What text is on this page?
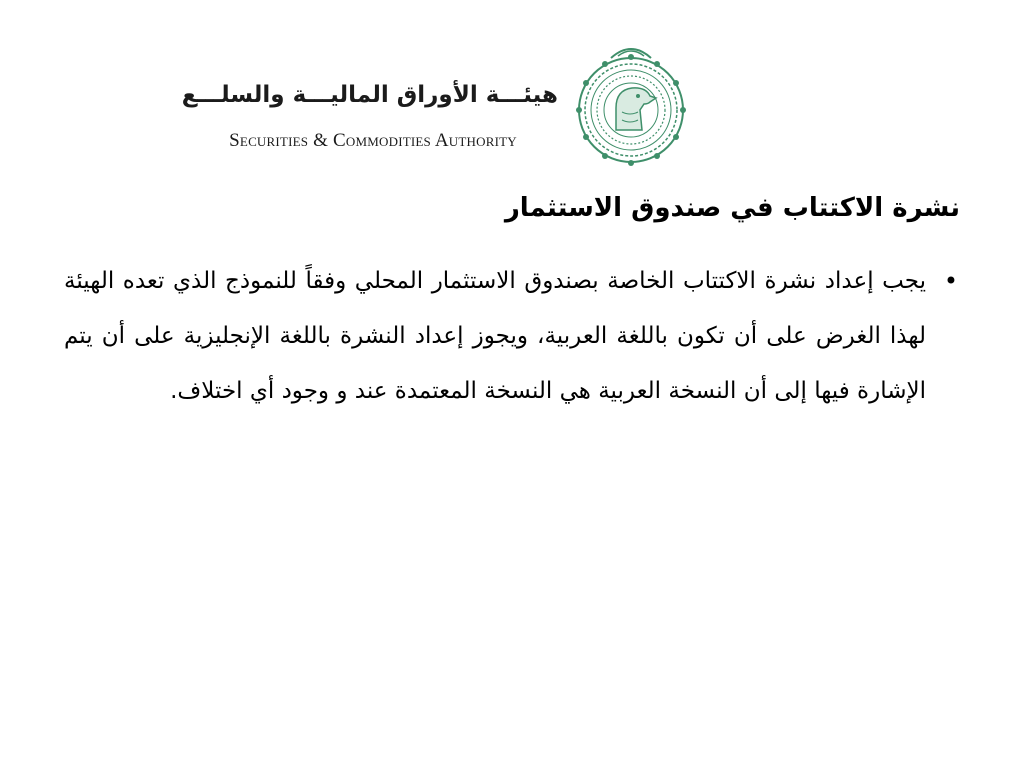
هيئـــة الأوراق الماليـــة والسلـــع
Securities & Commodities Authority
نشرة الاكتتاب في صندوق الاستثمار
•
يجب إعداد نشرة الاكتتاب الخاصة بصندوق الاستثمار المحلي وفقاً للنموذج الذي تعده الهيئة لهذا الغرض على أن تكون باللغة العربية، ويجوز إعداد النشرة باللغة الإنجليزية على أن يتم الإشارة فيها إلى أن النسخة العربية هي النسخة المعتمدة عند و وجود أي اختلاف.
